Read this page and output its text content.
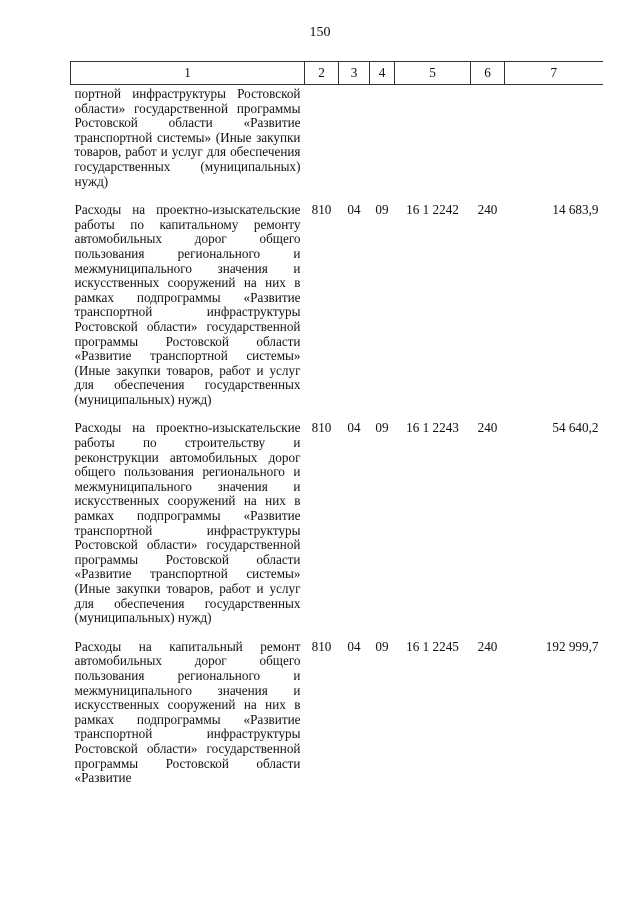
150
1	2	3	4	5	6	7
портной инфраструктуры Ростовской области» государственной программы Ростовской области «Развитие транспортной системы» (Иные закупки товаров, работ и услуг для обеспечения государственных (муниципальных) нужд)						
Расходы на проектно-изыскательские работы по капитальному ремонту автомобильных дорог общего пользования регионального и межмуниципального значения и искусственных сооружений на них в рамках подпрограммы «Развитие транспортной инфраструктуры Ростовской области» государственной программы Ростовской области «Развитие транспортной системы» (Иные закупки товаров, работ и услуг для обеспечения государственных (муниципальных) нужд)	810	04	09	16 1 2242	240	14 683,9
Расходы на проектно-изыскательские работы по строительству и реконструкции автомобильных дорог общего пользования регионального и межмуниципального значения и искусственных сооружений на них в рамках подпрограммы «Развитие транспортной инфраструктуры Ростовской области» государственной программы Ростовской области «Развитие транспортной системы» (Иные закупки товаров, работ и услуг для обеспечения государственных (муниципальных) нужд)	810	04	09	16 1 2243	240	54 640,2
Расходы на капитальный ремонт автомобильных дорог общего пользования регионального и межмуниципального значения и искусственных сооружений на них в рамках подпрограммы «Развитие транспортной инфраструктуры Ростовской области» государственной программы Ростовской области «Развитие	810	04	09	16 1 2245	240	192 999,7
